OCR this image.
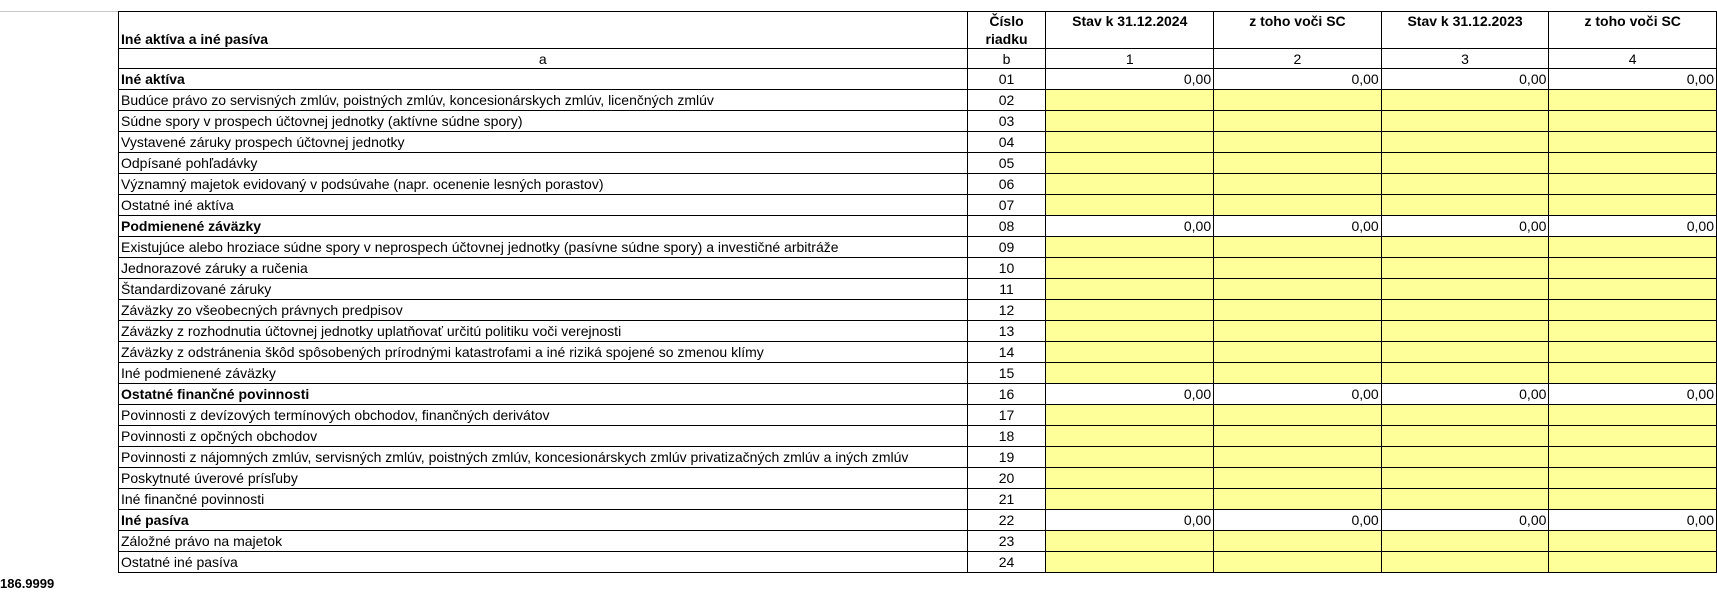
Iné aktíva a iné pasíva	Číslo
riadku	Stav k 31.12.2024	z toho voči SC	Stav k 31.12.2023	z toho voči SC
a	b	1	2	3	4
Iné aktíva	01	0,00	0,00	0,00	0,00
Budúce právo zo servisných zmlúv, poistných zmlúv, koncesionárskych zmlúv, licenčných zmlúv	02				
Súdne spory v prospech účtovnej jednotky (aktívne súdne spory)	03				
Vystavené záruky prospech účtovnej jednotky	04				
Odpísané pohľadávky	05				
Významný majetok evidovaný v podsúvahe (napr. ocenenie lesných porastov)	06				
Ostatné iné aktíva	07				
Podmienené záväzky	08	0,00	0,00	0,00	0,00
Existujúce alebo hroziace súdne spory v neprospech účtovnej jednotky (pasívne súdne spory) a investičné arbitráže	09				
Jednorazové záruky a ručenia	10				
Štandardizované záruky	11				
Záväzky zo všeobecných právnych predpisov	12				
Záväzky z rozhodnutia účtovnej jednotky uplatňovať určitú politiku voči verejnosti	13				
Záväzky z odstránenia škôd spôsobených prírodnými katastrofami a iné riziká spojené so zmenou klímy	14				
Iné podmienené záväzky	15				
Ostatné finančné povinnosti	16	0,00	0,00	0,00	0,00
Povinnosti z devízových termínových obchodov, finančných derivátov	17				
Povinnosti z opčných obchodov	18				
Povinnosti z nájomných zmlúv, servisných zmlúv, poistných zmlúv, koncesionárskych zmlúv privatizačných zmlúv a iných zmlúv	19				
Poskytnuté úverové prísľuby	20				
Iné finančné povinnosti	21				
Iné pasíva	22	0,00	0,00	0,00	0,00
Záložné právo na majetok	23				
Ostatné iné pasíva	24				
186.9999
